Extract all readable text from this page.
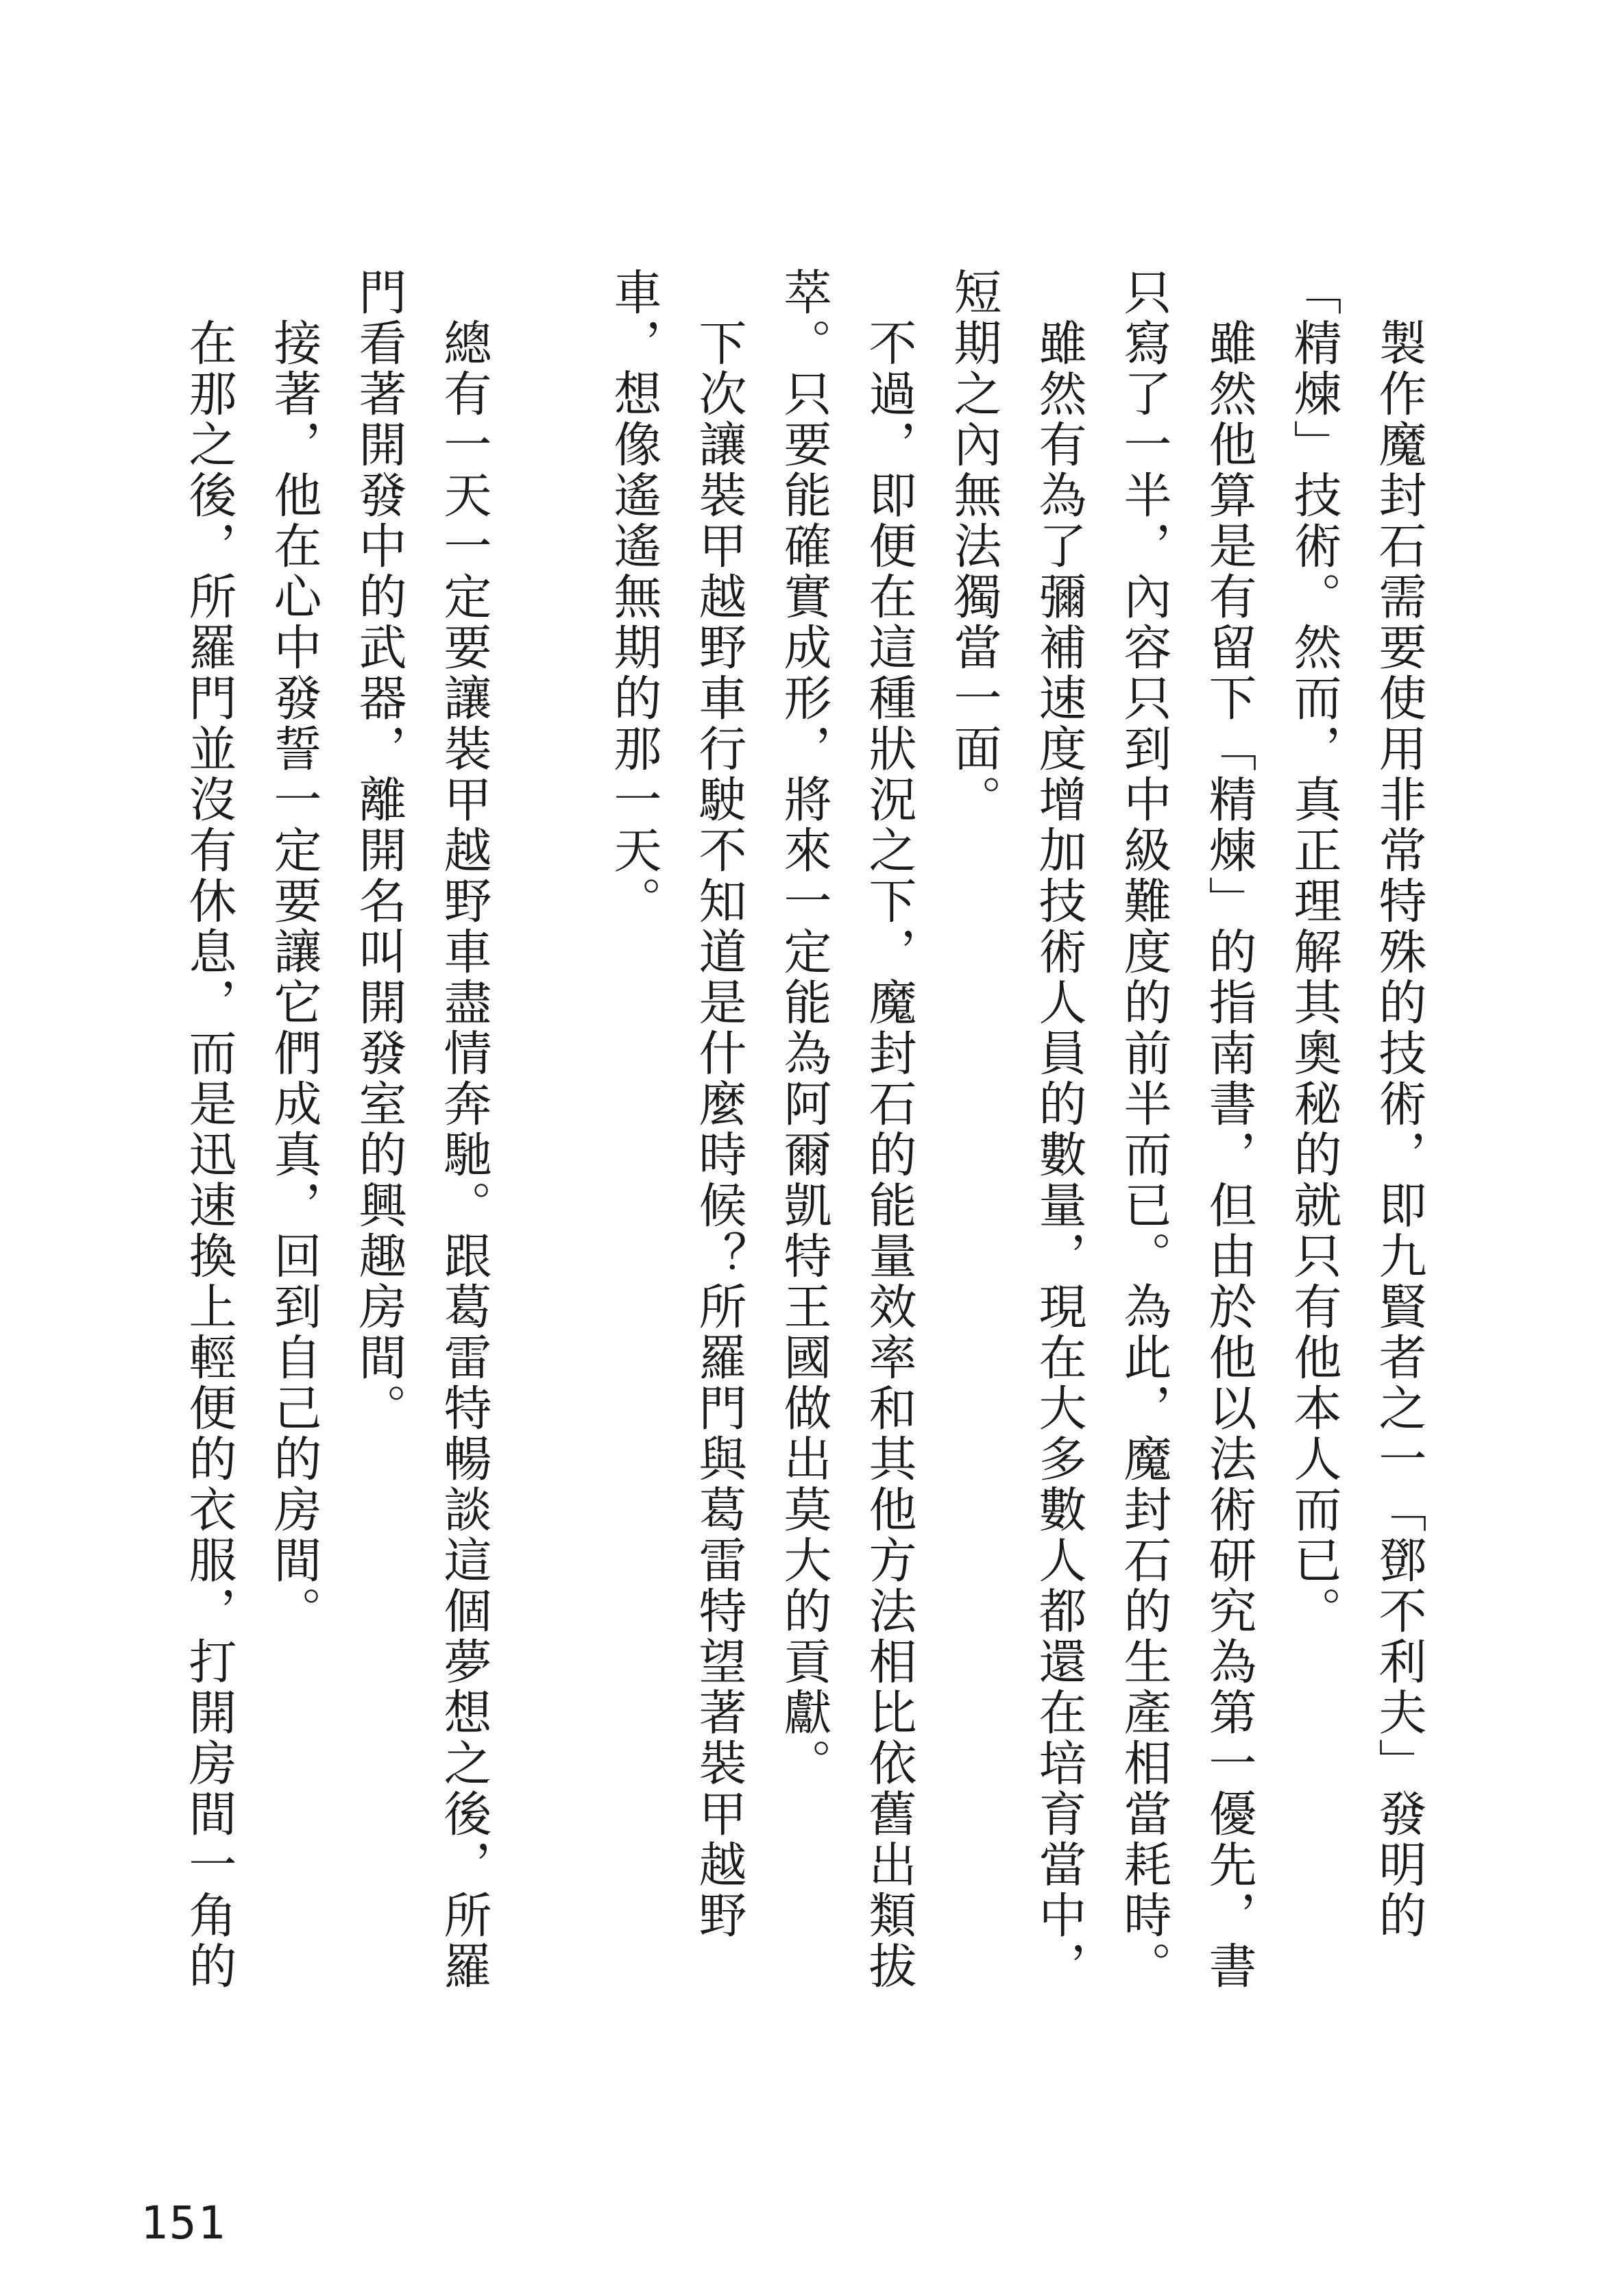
製作魔封石需要使用非常特殊的技術，即九賢者之一「鄧不利夫」發明的「精煉」技術。然而，真正理解其奧秘的就只有他本人而已。

雖然他算是有留下「精煉」的指南書，但由於他以法術研究為第一優先，書只寫了一半，內容只到中級難度的前半而已。為此，魔封石的生產相當耗時。

雖然有為了彌補速度增加技術人員的數量，現在大多數人都還在培育當中，短期之內無法獨當一面。

不過，即便在這種狀況之下，魔封石的能量效率和其他方法相比依舊出類拔萃。只要能確實成形，將來一定能為阿爾凱特王國做出莫大的貢獻。

下次讓裝甲越野車行駛不知道是什麼時候？所羅門與葛雷特望著裝甲越野車，想像遙遙無期的那一天。

總有一天一定要讓裝甲越野車盡情奔馳。跟葛雷特暢談這個夢想之後，所羅門看著開發中的武器，離開名叫開發室的興趣房間。

接著，他在心中發誓一定要讓它們成真，回到自己的房間。

在那之後，所羅門並沒有休息，而是迅速換上輕便的衣服，打開房間一角的

151
